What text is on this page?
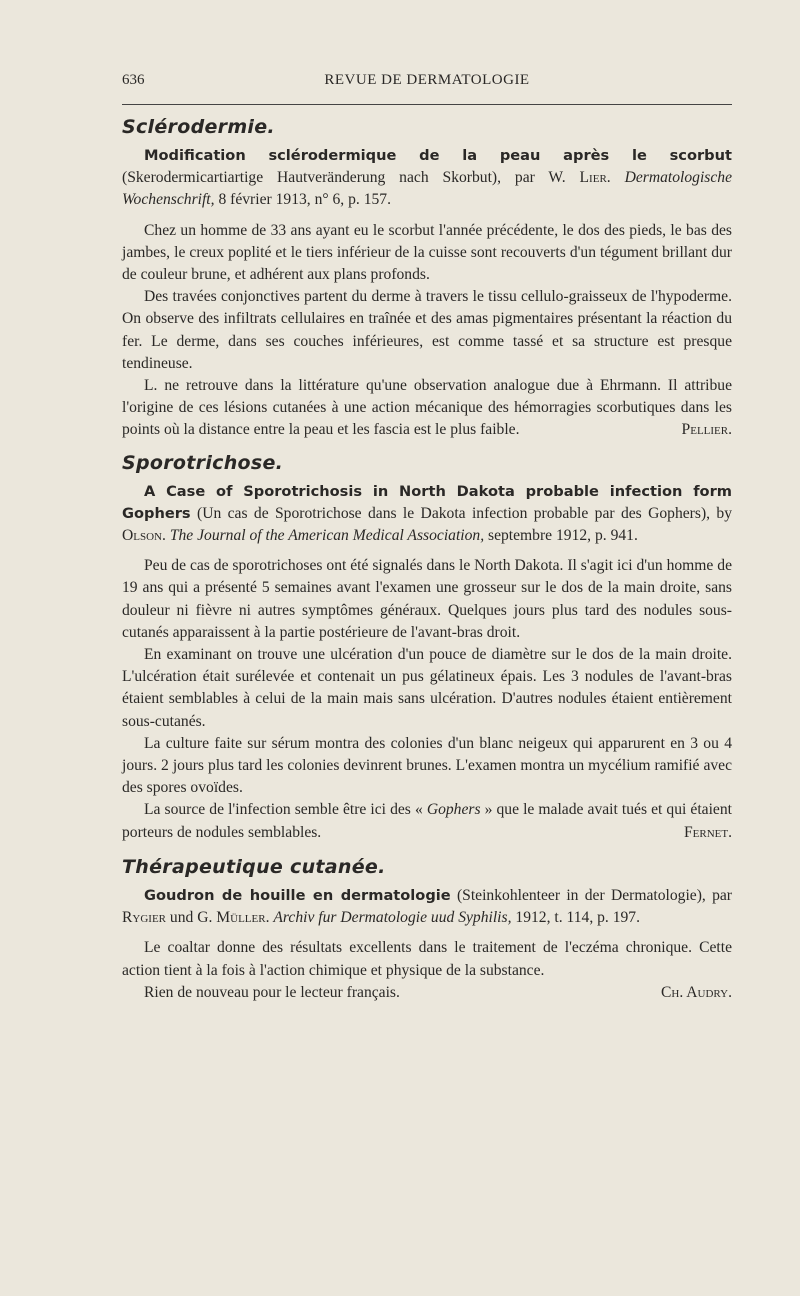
636	REVUE DE DERMATOLOGIE
Sclérodermie.

Modification sclérodermique de la peau après le scorbut (Skerodermicartiartige Hautveränderung nach Skorbut), par W. Lier. Dermatologische Wochenschrift, 8 février 1913, n° 6, p. 157.

Chez un homme de 33 ans ayant eu le scorbut l'année précédente, le dos des pieds, le bas des jambes, le creux poplité et le tiers inférieur de la cuisse sont recouverts d'un tégument brillant dur de couleur brune, et adhérent aux plans profonds.

Des travées conjonctives partent du derme à travers le tissu cellulo-graisseux de l'hypoderme. On observe des infiltrats cellulaires en traînée et des amas pigmentaires présentant la réaction du fer. Le derme, dans ses couches inférieures, est comme tassé et sa structure est presque tendineuse.

L. ne retrouve dans la littérature qu'une observation analogue due à Ehrmann. Il attribue l'origine de ces lésions cutanées à une action mécanique des hémorragies scorbutiques dans les points où la distance entre la peau et les fascia est le plus faible.	Pellier.

Sporotrichose.

A Case of Sporotrichosis in North Dakota probable infection form Gophers (Un cas de Sporotrichose dans le Dakota infection probable par des Gophers), by Olson. The Journal of the American Medical Association, septembre 1912, p. 941.

Peu de cas de sporotrichoses ont été signalés dans le North Dakota. Il s'agit ici d'un homme de 19 ans qui a présenté 5 semaines avant l'examen une grosseur sur le dos de la main droite, sans douleur ni fièvre ni autres symptômes généraux. Quelques jours plus tard des nodules sous-cutanés apparaissent à la partie postérieure de l'avant-bras droit.

En examinant on trouve une ulcération d'un pouce de diamètre sur le dos de la main droite. L'ulcération était surélevée et contenait un pus gélatineux épais. Les 3 nodules de l'avant-bras étaient semblables à celui de la main mais sans ulcération. D'autres nodules étaient entièrement sous-cutanés.

La culture faite sur sérum montra des colonies d'un blanc neigeux qui apparurent en 3 ou 4 jours. 2 jours plus tard les colonies devinrent brunes. L'examen montra un mycélium ramifié avec des spores ovoïdes.

La source de l'infection semble être ici des « Gophers » que le malade avait tués et qui étaient porteurs de nodules semblables.	Fernet.

Thérapeutique cutanée.

Goudron de houille en dermatologie (Steinkohlenteer in der Dermatologie), par Rygier und G. Müller. Archiv fur Dermatologie uud Syphilis, 1912, t. 114, p. 197.

Le coaltar donne des résultats excellents dans le traitement de l'eczéma chronique. Cette action tient à la fois à l'action chimique et physique de la substance.

Rien de nouveau pour le lecteur français.	Ch. Audry.
